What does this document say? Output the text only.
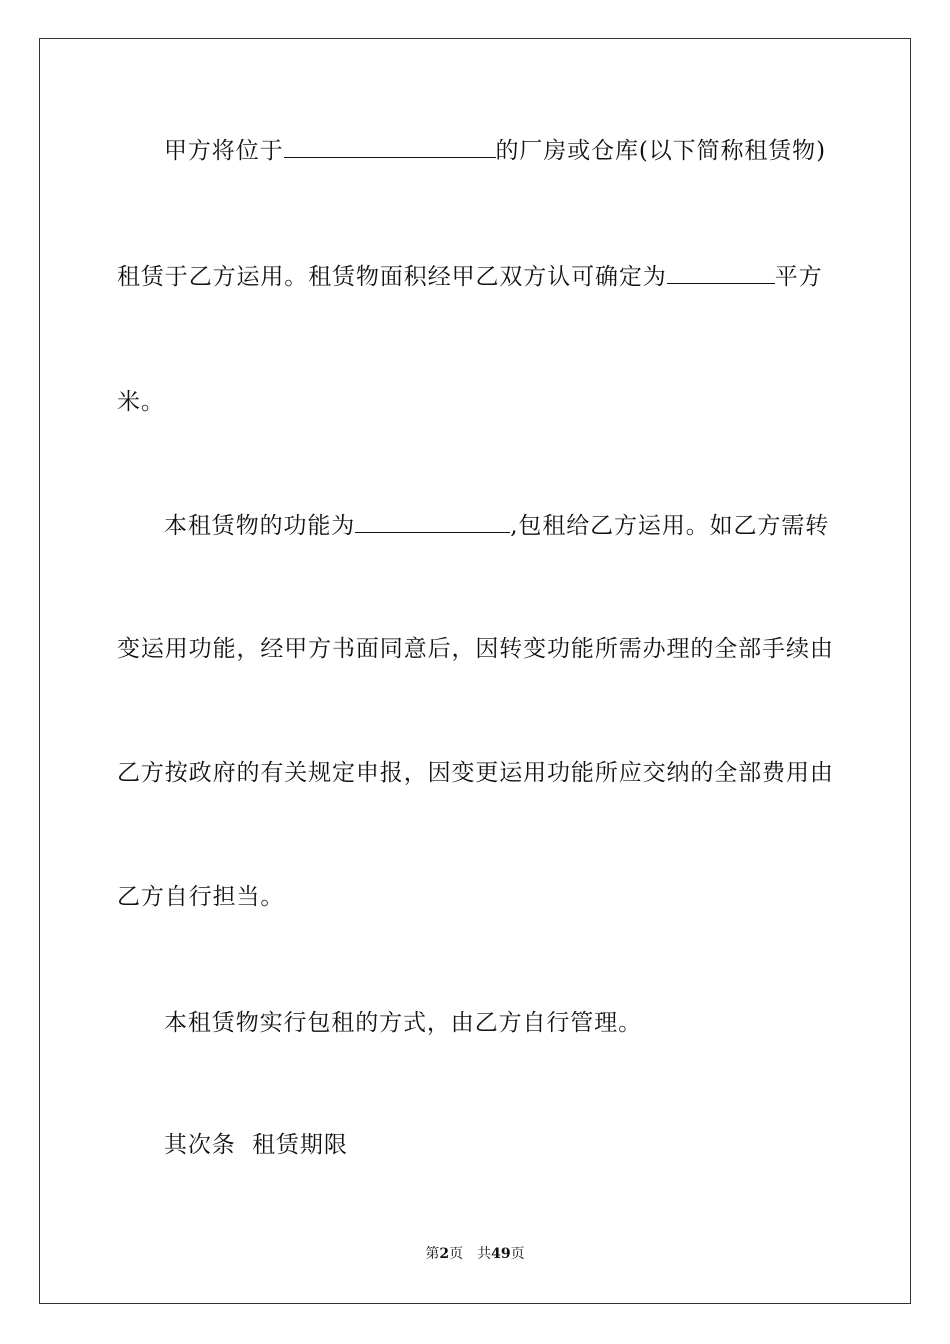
甲方将位于	的厂房或仓库(以下简称租赁物)
租赁于乙方运用。租赁物面积经甲乙双方认可确定为	平方
米。
本租赁物的功能为	,包租给乙方运用。如乙方需转
变 运 用 功 能 ， 经 甲 方 书 面 同 意 后 ， 因 转 变 功 能 所 需 办 理 的 全 部 手 续 由
乙 方 按 政 府 的 有 关 规 定 申 报 ， 因 变 更 运 用 功 能 所 应 交 纳 的 全 部 费 用 由
乙方自行担当。
本租赁物实行包租的方式，由乙方自行管理。
其次条  租赁期限
第2页 共49页
